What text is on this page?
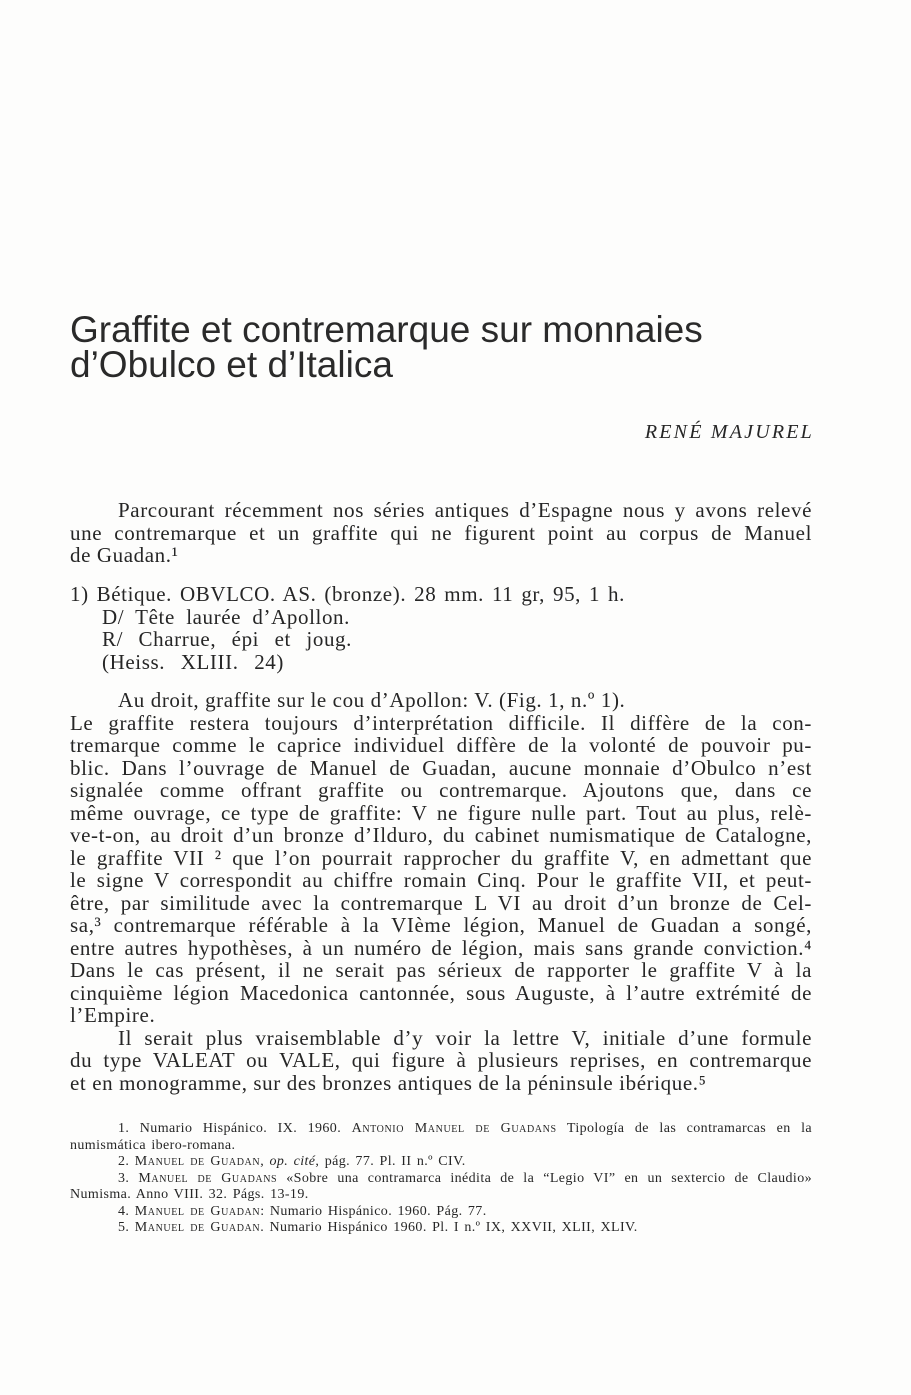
Graffite et contremarque sur monnaies
d’Obulco et d’Italica
RENÉ MAJUREL
Parcourant récemment nos séries antiques d’Espagne nous y avons relevé
une contremarque et un graffite qui ne figurent point au corpus de Manuel
de Guadan.¹
1) Bétique. OBVLCO. AS. (bronze). 28 mm. 11 gr, 95, 1 h.
D/ Tête laurée d’Apollon.
R/ Charrue, épi et joug.
(Heiss. XLIII. 24)
Au droit, graffite sur le cou d’Apollon: V. (Fig. 1, n.º 1).
Le graffite restera toujours d’interprétation difficile. Il diffère de la con-
tremarque comme le caprice individuel diffère de la volonté de pouvoir pu-
blic. Dans l’ouvrage de Manuel de Guadan, aucune monnaie d’Obulco n’est
signalée comme offrant graffite ou contremarque. Ajoutons que, dans ce
même ouvrage, ce type de graffite: V ne figure nulle part. Tout au plus, relè-
ve-t-on, au droit d’un bronze d’Ilduro, du cabinet numismatique de Catalogne,
le graffite VII ² que l’on pourrait rapprocher du graffite V, en admettant que
le signe V correspondit au chiffre romain Cinq. Pour le graffite VII, et peut-
être, par similitude avec la contremarque L VI au droit d’un bronze de Cel-
sa,³ contremarque référable à la VIème légion, Manuel de Guadan a songé,
entre autres hypothèses, à un numéro de légion, mais sans grande conviction.⁴
Dans le cas présent, il ne serait pas sérieux de rapporter le graffite V à la
cinquième légion Macedonica cantonnée, sous Auguste, à l’autre extrémité de
l’Empire.
Il serait plus vraisemblable d’y voir la lettre V, initiale d’une formule
du type VALEAT ou VALE, qui figure à plusieurs reprises, en contremarque
et en monogramme, sur des bronzes antiques de la péninsule ibérique.⁵
1. Numario Hispánico. IX. 1960. Antonio Manuel de Guadans Tipología de las contramarcas en la
numismática ibero-romana.
2. Manuel de Guadan, op. cité, pág. 77. Pl. II n.º CIV.
3. Manuel de Guadans «Sobre una contramarca inédita de la “Legio VI” en un sextercio de Claudio»
Numisma. Anno VIII. 32. Págs. 13-19.
4. Manuel de Guadan: Numario Hispánico. 1960. Pág. 77.
5. Manuel de Guadan. Numario Hispánico 1960. Pl. I n.º IX, XXVII, XLII, XLIV.
